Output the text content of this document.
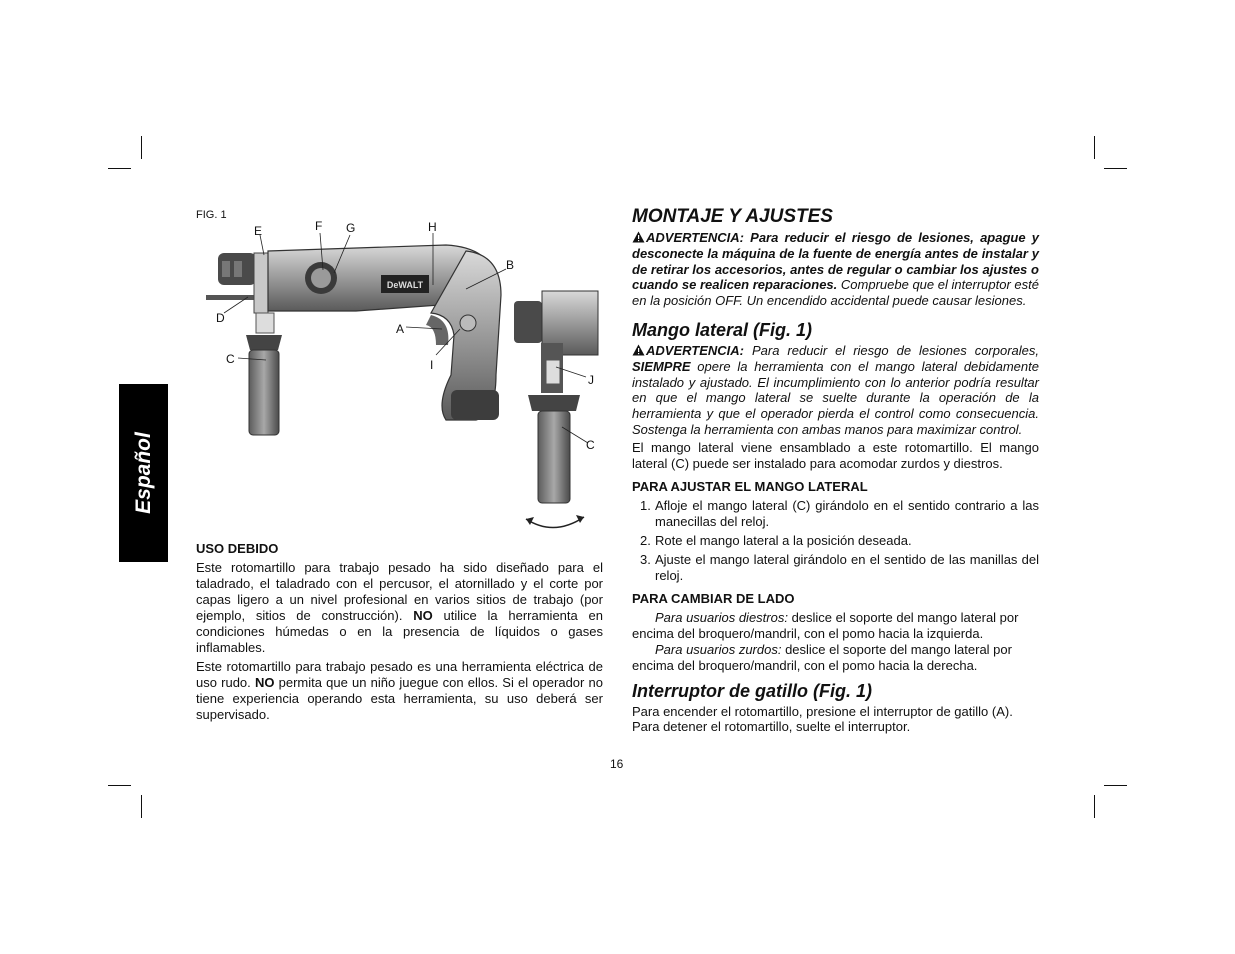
Español
FIG. 1
DeWALT
E	F G	H
B
D
A
C	I
J
C
USO DEBIDO

Este rotomartillo para trabajo pesado ha sido diseñado para el taladrado, el taladrado con el percusor, el atornillado y el corte por capas ligero a un nivel profesional en varios sitios de trabajo (por ejemplo, sitios de construcción). NO utilice la herramienta en condiciones húmedas o en la presencia de líquidos o gases inflamables.

Este rotomartillo para trabajo pesado es una herramienta eléctrica de uso rudo. NO permita que un niño juegue con ellos. Si el operador no tiene experiencia operando esta herramienta, su uso deberá ser supervisado.

MONTAJE Y AJUSTES

ADVERTENCIA: Para reducir el riesgo de lesiones, apague y desconecte la máquina de la fuente de energía antes de instalar y de retirar los accesorios, antes de regular o cambiar los ajustes o cuando se realicen reparaciones. Compruebe que el interruptor esté en la posición OFF. Un encendido accidental puede causar lesiones.

Mango lateral (Fig. 1)

ADVERTENCIA: Para reducir el riesgo de lesiones corporales, SIEMPRE opere la herramienta con el mango lateral debidamente instalado y ajustado. El incumplimiento con lo anterior podría resultar en que el mango lateral se suelte durante la operación de la herramienta y que el operador pierda el control como consecuencia. Sostenga la herramienta con ambas manos para maximizar control.

El mango lateral viene ensamblado a este rotomartillo. El mango lateral (C) puede ser instalado para acomodar zurdos y diestros.

PARA AJUSTAR EL MANGO LATERAL
1. Afloje el mango lateral (C) girándolo en el sentido contrario a las manecillas del reloj.
2. Rote el mango lateral a la posición deseada.
3. Ajuste el mango lateral girándolo en el sentido de las manillas del reloj.
PARA CAMBIAR DE LADO

Para usuarios diestros: deslice el soporte del mango lateral por encima del broquero/mandril, con el pomo hacia la izquierda.

Para usuarios zurdos: deslice el soporte del mango lateral por encima del broquero/mandril, con el pomo hacia la derecha.

Interruptor de gatillo (Fig. 1)

Para encender el rotomartillo, presione el interruptor de gatillo (A). Para detener el rotomartillo, suelte el interruptor.

16
